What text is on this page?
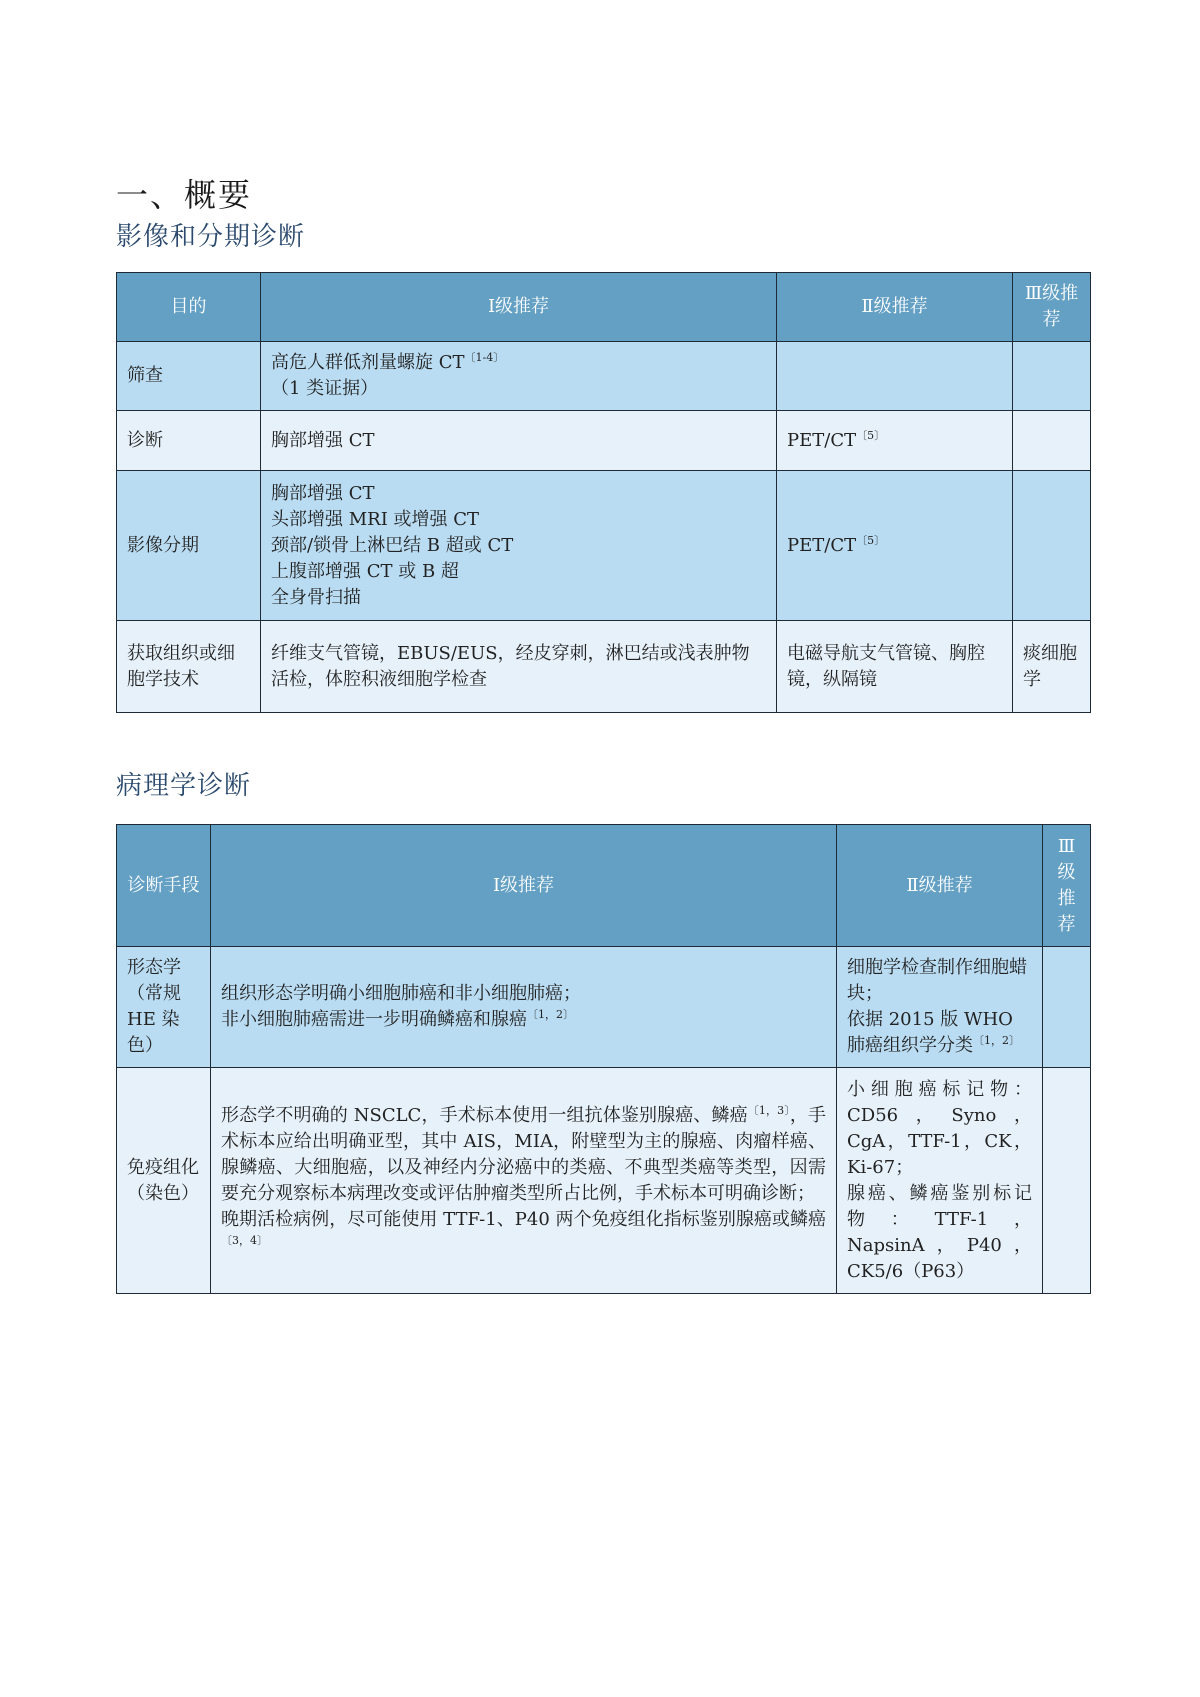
一、概要
影像和分期诊断
目的	Ⅰ级推荐	Ⅱ级推荐	Ⅲ级推荐
筛查	高危人群低剂量螺旋 $CT^{〔1-4〕}$
（1 类证据）		

诊断	胸部增强 CT	PET/$CT^{〔5〕}$	
影像分期	胸部增强 CT
头部增强 MRI 或增强 CT
颈部/锁骨上淋巴结 B 超或 CT
上腹部增强 CT 或 B 超
全身骨扫描	PET/$CT^{〔5〕}$	
获取组织或细胞学技术	纤维支气管镜，EBUS/EUS，经皮穿刺，淋巴结或浅表肿物活检，体腔积液细胞学检查	电磁导航支气管镜、胸腔镜，纵隔镜	痰细胞学
病理学诊断
诊断手段	Ⅰ级推荐	Ⅱ级推荐	Ⅲ级推荐
形态学（常规 HE 染色）	组织形态学明确小细胞肺癌和非小细胞肺癌；
非小细胞肺癌需进一步明确鳞癌和腺癌$^{〔1,2〕}$	细胞学检查制作细胞蜡块；
依据 2015 版 WHO 肺癌组织学分类$^{〔1,2〕}$

免疫组化（染色）	形态学不明确的 NSCLC，手术标本使用一组抗体鉴别腺癌、鳞癌$^{〔1,3〕}$，手术标本应给出明确亚型，其中 AIS，MIA，附壁型为主的腺癌、肉瘤样癌、腺鳞癌、大细胞癌，以及神经内分泌癌中的类癌、不典型类癌等类型，因需要充分观察标本病理改变或评估肿瘤类型所占比例，手术标本可明确诊断；
晚期活检病例，尽可能使用 TTF-1、P40 两个免疫组化指标鉴别腺癌或鳞癌$^{〔3,4〕}$	小细胞癌标记物：CD56，Syno，CgA，TTF-1，CK，Ki-67；
腺癌、鳞癌鉴别标记物：TTF-1，NapsinA，P40，CK5/6（P63）	
